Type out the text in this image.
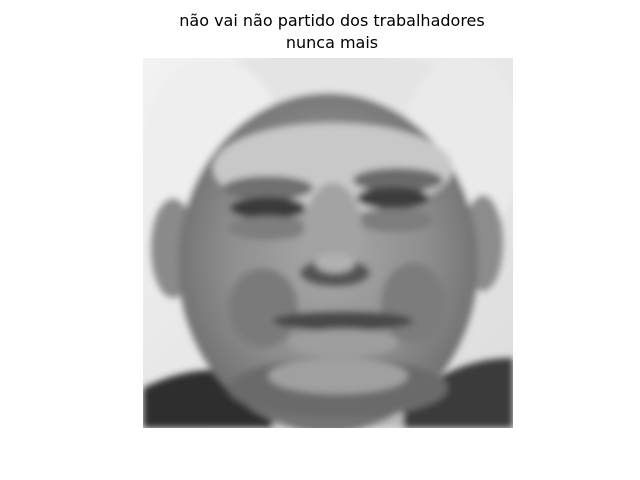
não vai não partido dos trabalhadores
nunca mais
